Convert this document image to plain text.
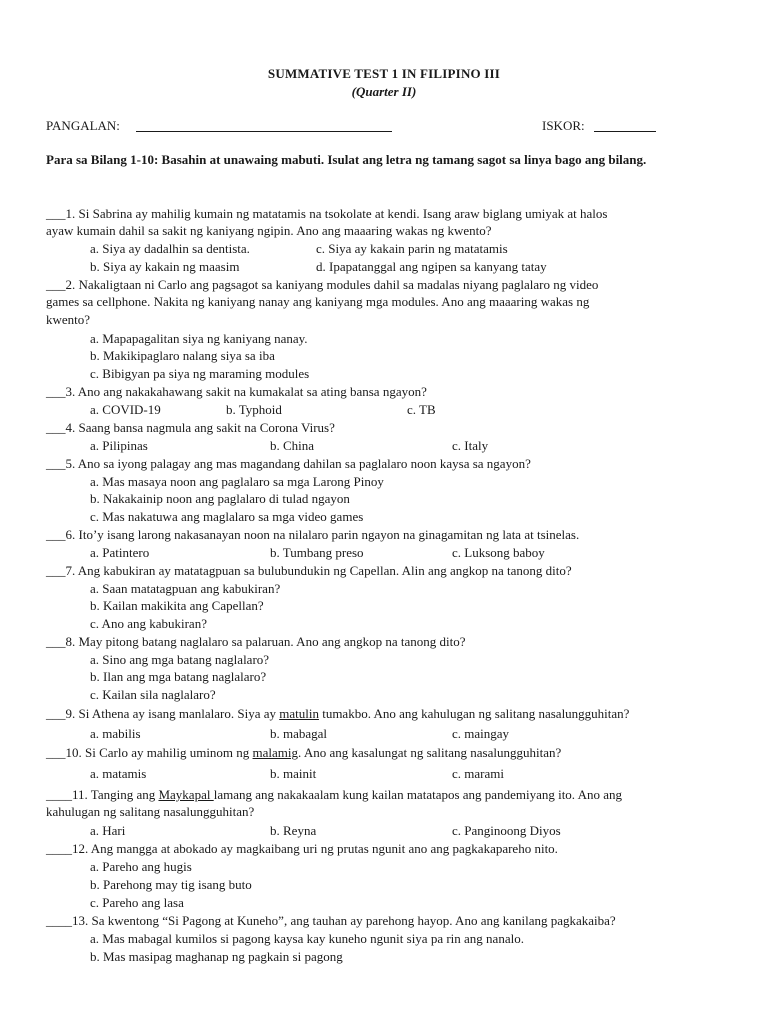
SUMMATIVE TEST 1 IN FILIPINO III
(Quarter II)
PANGALAN:	ISKOR:
Para sa Bilang 1-10: Basahin at unawaing mabuti. Isulat ang letra ng tamang sagot sa linya bago ang bilang.
___1. Si Sabrina ay mahilig kumain ng matatamis na tsokolate at kendi. Isang araw biglang umiyak at halos
ayaw kumain dahil sa sakit ng kaniyang ngipin. Ano ang maaaring wakas ng kwento?
a. Siya ay dadalhin sa dentista.	c. Siya ay kakain parin ng matatamis
b. Siya ay kakain ng maasim	d. Ipapatanggal ang ngipen sa kanyang tatay
___2. Nakaligtaan ni Carlo ang pagsagot sa kaniyang modules dahil sa madalas niyang paglalaro ng video
games sa cellphone. Nakita ng kaniyang nanay ang kaniyang mga modules. Ano ang maaaring wakas ng
kwento?
a. Mapapagalitan siya ng kaniyang nanay.
b. Makikipaglaro nalang siya sa iba
c. Bibigyan pa siya ng maraming modules
___3. Ano ang nakakahawang sakit na kumakalat sa ating bansa ngayon?
a. COVID-19	b. Typhoid	c. TB
___4. Saang bansa nagmula ang sakit na Corona Virus?
a. Pilipinas	b. China	c. Italy
___5. Ano sa iyong palagay ang mas magandang dahilan sa paglalaro noon kaysa sa ngayon?
a. Mas masaya noon ang paglalaro sa mga Larong Pinoy
b. Nakakainip noon ang paglalaro di tulad ngayon
c. Mas nakatuwa ang maglalaro sa mga video games
___6. Ito’y isang larong nakasanayan noon na nilalaro parin ngayon na ginagamitan ng lata at tsinelas.
a. Patintero	b. Tumbang preso	c. Luksong baboy
___7. Ang kabukiran ay matatagpuan sa bulubundukin ng Capellan. Alin ang angkop na tanong dito?
a. Saan matatagpuan ang kabukiran?
b. Kailan makikita ang Capellan?
c. Ano ang kabukiran?
___8. May pitong batang naglalaro sa palaruan. Ano ang angkop na tanong dito?
a. Sino ang mga batang naglalaro?
b. Ilan ang mga batang naglalaro?
c. Kailan sila naglalaro?
___9. Si Athena ay isang manlalaro. Siya ay matulin tumakbo. Ano ang kahulugan ng salitang nasalungguhitan?
a. mabilis	b. mabagal	c. maingay
___10. Si Carlo ay mahilig uminom ng malamig. Ano ang kasalungat ng salitang nasalungguhitan?
a. matamis	b. mainit	c. marami
____11. Tanging ang Maykapal lamang ang nakakaalam kung kailan matatapos ang pandemiyang ito. Ano ang
kahulugan ng salitang nasalungguhitan?
a. Hari	b. Reyna	c. Panginoong Diyos
____12. Ang mangga at abokado ay magkaibang uri ng prutas ngunit ano ang pagkakapareho nito.
a. Pareho ang hugis
b. Parehong may tig isang buto
c. Pareho ang lasa
____13. Sa kwentong “Si Pagong at Kuneho”, ang tauhan ay parehong hayop. Ano ang kanilang pagkakaiba?
a. Mas mabagal kumilos si pagong kaysa kay kuneho ngunit siya pa rin ang nanalo.
b. Mas masipag maghanap ng pagkain si pagong
